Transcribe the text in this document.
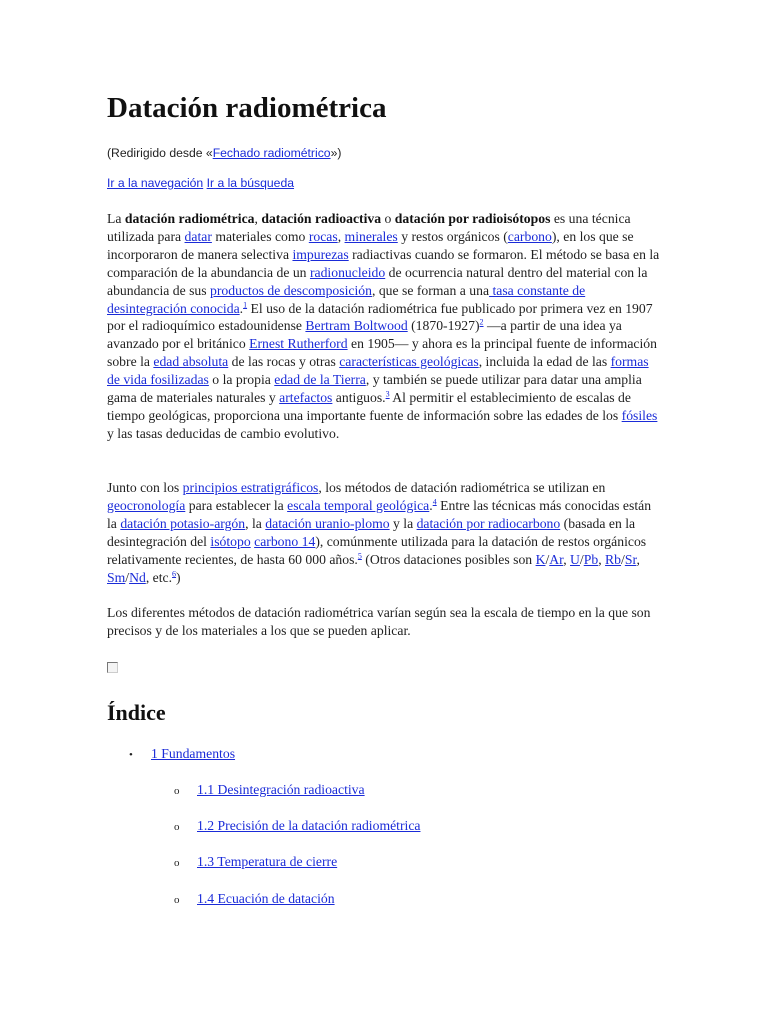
Datación radiométrica
(Redirigido desde «Fechado radiométrico»)
Ir a la navegación Ir a la búsqueda
La datación radiométrica, datación radioactiva o datación por radioisótopos es una técnica utilizada para datar materiales como rocas, minerales y restos orgánicos (carbono), en los que se incorporaron de manera selectiva impurezas radiactivas cuando se formaron. El método se basa en la comparación de la abundancia de un radionucleido de ocurrencia natural dentro del material con la abundancia de sus productos de descomposición, que se forman a una tasa constante de desintegración conocida.$^1$ El uso de la datación radiométrica fue publicado por primera vez en 1907 por el radioquímico estadounidense Bertram Boltwood (1870-1927)$^2$ —a partir de una idea ya avanzado por el británico Ernest Rutherford en 1905— y ahora es la principal fuente de información sobre la edad absoluta de las rocas y otras características geológicas, incluida la edad de las formas de vida fosilizadas o la propia edad de la Tierra, y también se puede utilizar para datar una amplia gama de materiales naturales y artefactos antiguos.$^3$ Al permitir el establecimiento de escalas de tiempo geológicas, proporciona una importante fuente de información sobre las edades de los fósiles y las tasas deducidas de cambio evolutivo.
Junto con los principios estratigráficos, los métodos de datación radiométrica se utilizan en geocronología para establecer la escala temporal geológica.$^4$ Entre las técnicas más conocidas están la datación potasio-argón, la datación uranio-plomo y la datación por radiocarbono (basada en la desintegración del isótopo carbono 14), comúnmente utilizada para la datación de restos orgánicos relativamente recientes, de hasta 60 000 años.$^5$ (Otros dataciones posibles son K/Ar, U/Pb, Rb/Sr, Sm/Nd, etc.$^6$)
Los diferentes métodos de datación radiométrica varían según sea la escala de tiempo en la que son precisos y de los materiales a los que se pueden aplicar.
Índice
• 1 Fundamentos
o 1.1 Desintegración radioactiva
o 1.2 Precisión de la datación radiométrica
o 1.3 Temperatura de cierre
o 1.4 Ecuación de datación
